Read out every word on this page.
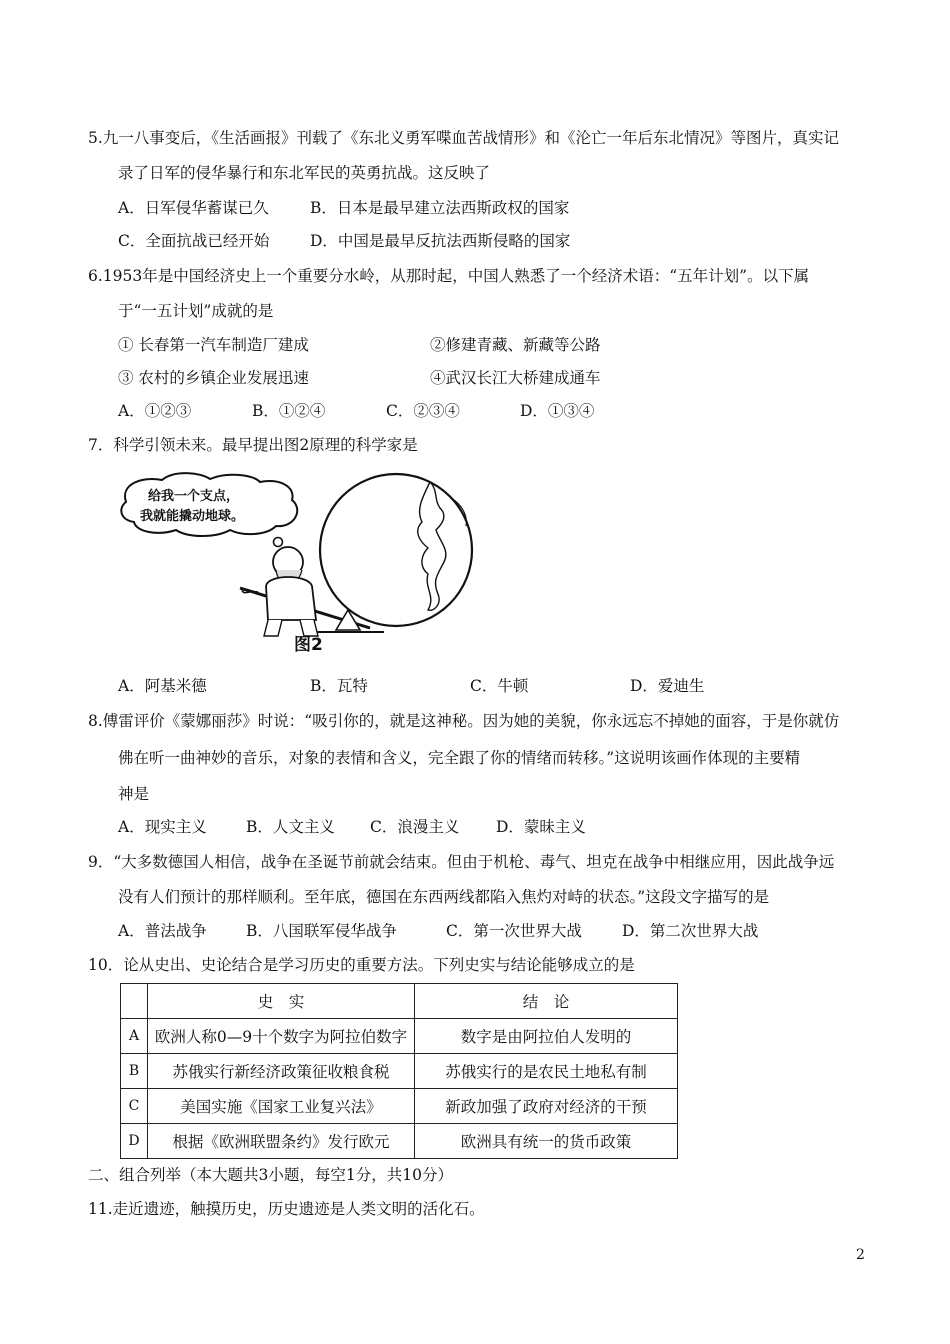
5.九一八事变后，《生活画报》刊载了《东北义勇军喋血苦战情形》和《沦亡一年后东北情况》等图片，真实记
录了日军的侵华暴行和东北军民的英勇抗战。这反映了
A．日军侵华蓄谋已久	B．日本是最早建立法西斯政权的国家
C．全面抗战已经开始	D．中国是最早反抗法西斯侵略的国家
6.1953年是中国经济史上一个重要分水岭，从那时起，中国人熟悉了一个经济术语：“五年计划”。以下属
于“一五计划”成就的是
① 长春第一汽车制造厂建成	②修建青藏、新藏等公路
③ 农村的乡镇企业发展迅速	④武汉长江大桥建成通车
A．①②③	B．①②④	C．②③④	D．①③④
7．科学引领未来。最早提出图2原理的科学家是
给我一个支点，
我就能撬动地球。
图2
A．阿基米德	B．瓦特	C．牛顿	D．爱迪生
8.傅雷评价《蒙娜丽莎》时说：“吸引你的，就是这神秘。因为她的美貌，你永远忘不掉她的面容，于是你就仿
佛在听一曲神妙的音乐，对象的表情和含义，完全跟了你的情绪而转移。”这说明该画作体现的主要精
神是
A．现实主义	B．人文主义 C．浪漫主义 D．蒙昧主义
9．“大多数德国人相信，战争在圣诞节前就会结束。但由于机枪、毒气、坦克在战争中相继应用，因此战争远
没有人们预计的那样顺利。至年底，德国在东西两线都陷入焦灼对峙的状态。”这段文字描写的是
A．普法战争	B．八国联军侵华战争	C．第一次世界大战	D．第二次世界大战
10．论从史出、史论结合是学习历史的重要方法。下列史实与结论能够成立的是
	史　实	结　论
A	欧洲人称0—9十个数字为阿拉伯数字	数字是由阿拉伯人发明的
B	苏俄实行新经济政策征收粮食税	苏俄实行的是农民土地私有制
C	美国实施《国家工业复兴法》	新政加强了政府对经济的干预
D	根据《欧洲联盟条约》发行欧元	欧洲具有统一的货币政策
二、组合列举（本大题共3小题，每空1分，共10分）
11.走近遗迹，触摸历史，历史遗迹是人类文明的活化石。
2
